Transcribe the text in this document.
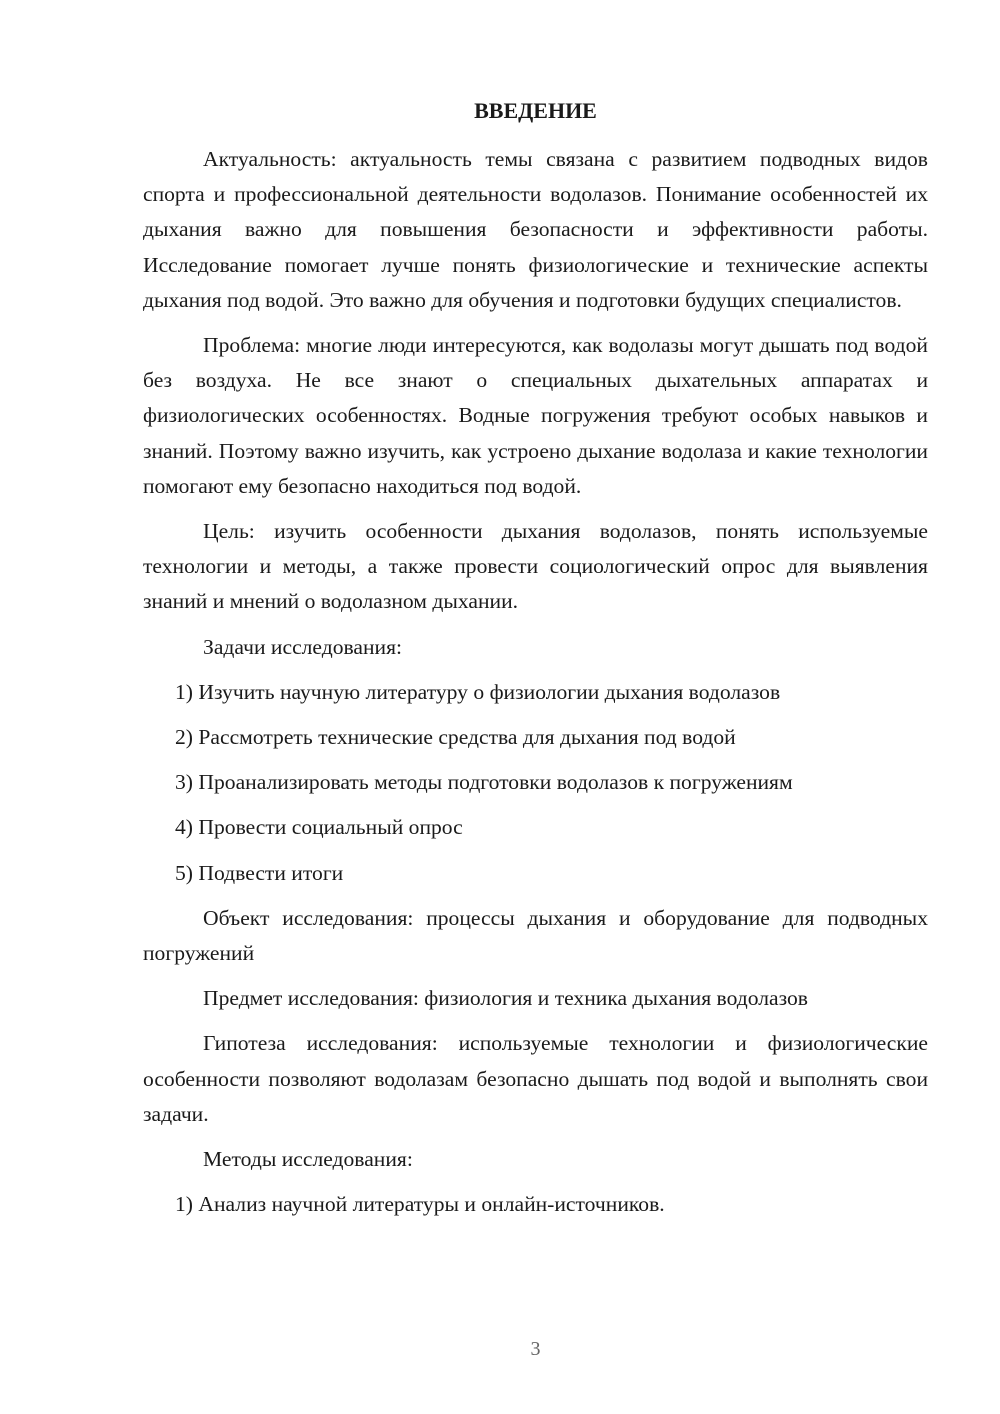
ВВЕДЕНИЕ

Актуальность: актуальность темы связана с развитием подводных видов спорта и профессиональной деятельности водолазов. Понимание особенностей их дыхания важно для повышения безопасности и эффективности работы. Исследование помогает лучше понять физиологические и технические аспекты дыхания под водой. Это важно для обучения и подготовки будущих специалистов.

Проблема: многие люди интересуются, как водолазы могут дышать под водой без воздуха. Не все знают о специальных дыхательных аппаратах и физиологических особенностях. Водные погружения требуют особых навыков и знаний. Поэтому важно изучить, как устроено дыхание водолаза и какие технологии помогают ему безопасно находиться под водой.

Цель: изучить особенности дыхания водолазов, понять используемые технологии и методы, а также провести социологический опрос для выявления знаний и мнений о водолазном дыхании.

Задачи исследования:

1) Изучить научную литературу о физиологии дыхания водолазов

2) Рассмотреть технические средства для дыхания под водой

3) Проанализировать методы подготовки водолазов к погружениям

4) Провести социальный опрос

5) Подвести итоги

Объект исследования: процессы дыхания и оборудование для подводных погружений

Предмет исследования: физиология и техника дыхания водолазов

Гипотеза исследования: используемые технологии и физиологические особенности позволяют водолазам безопасно дышать под водой и выполнять свои задачи.

Методы исследования:

1) Анализ научной литературы и онлайн-источников.

3
